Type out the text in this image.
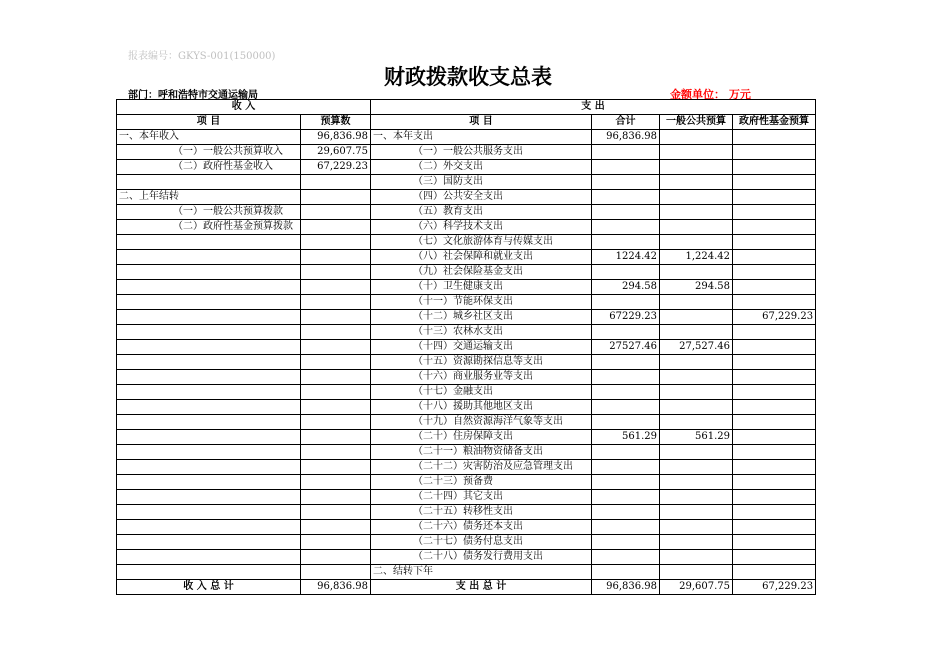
报表编号：GKYS-001(150000)
财政拨款收支总表
部门：呼和浩特市交通运输局	金额单位： 万元
收 入		支 出			
项 目	预算数	项 目	合计	一般公共预算	政府性基金预算
一、本年收入	96,836.98	一、本年支出	96,836.98		
（一）一般公共预算收入	29,607.75	（一）一般公共服务支出			
（二）政府性基金收入	67,229.23	（二）外交支出			
		（三）国防支出			
二、上年结转		（四）公共安全支出			
（一）一般公共预算拨款		（五）教育支出			
（二）政府性基金预算拨款		（六）科学技术支出			
		（七）文化旅游体育与传媒支出			
		（八）社会保障和就业支出	1224.42	1,224.42	
		（九）社会保险基金支出			
		（十）卫生健康支出	294.58	294.58	
		（十一）节能环保支出			
		（十二）城乡社区支出	67229.23		67,229.23
		（十三）农林水支出			
		（十四）交通运输支出	27527.46	27,527.46	
		（十五）资源勘探信息等支出			
		（十六）商业服务业等支出			
		（十七）金融支出			
		（十八）援助其他地区支出			
		（十九）自然资源海洋气象等支出			
		（二十）住房保障支出	561.29	561.29	
		（二十一）粮油物资储备支出			
		（二十二）灾害防治及应急管理支出			
		（二十三）预备费			
		（二十四）其它支出			
		（二十五）转移性支出			
		（二十六）债务还本支出			
		（二十七）债务付息支出			
		（二十八）债务发行费用支出			
		二、结转下年			
收 入 总 计	96,836.98	支 出 总 计	96,836.98	29,607.75	67,229.23
